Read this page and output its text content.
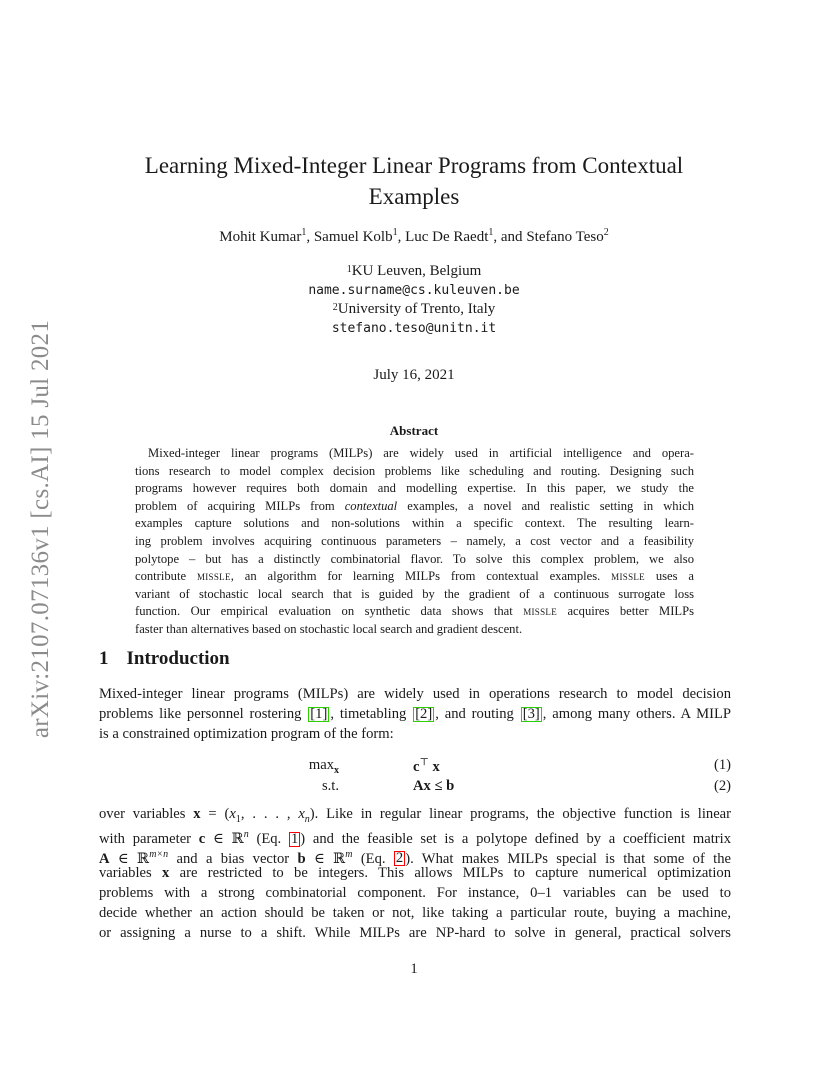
arXiv:2107.07136v1 [cs.AI] 15 Jul 2021
Learning Mixed-Integer Linear Programs from Contextual
Examples
Mohit Kumar$^1$, Samuel Kolb$^1$, Luc De Raedt$^1$, and Stefano Teso$^2$
$^1$KU Leuven, Belgium
name.surname@cs.kuleuven.be
$^2$University of Trento, Italy
stefano.teso@unitn.it
July 16, 2021
Abstract
Mixed-integer linear programs (MILPs) are widely used in artificial intelligence and opera-
tions research to model complex decision problems like scheduling and routing. Designing such
programs however requires both domain and modelling expertise. In this paper, we study the
problem of acquiring MILPs from contextual examples, a novel and realistic setting in which
examples capture solutions and non-solutions within a specific context. The resulting learn-
ing problem involves acquiring continuous parameters – namely, a cost vector and a feasibility
polytope – but has a distinctly combinatorial flavor. To solve this complex problem, we also
contribute missle, an algorithm for learning MILPs from contextual examples. missle uses a
variant of stochastic local search that is guided by the gradient of a continuous surrogate loss
function. Our empirical evaluation on synthetic data shows that missle acquires better MILPs
faster than alternatives based on stochastic local search and gradient descent.
1 Introduction
Mixed-integer linear programs (MILPs) are widely used in operations research to model decision
problems like personnel rostering [1] , timetabling [2] , and routing [3] , among many others. A MILP
is a constrained optimization program of the form:
$\max_x$	c⊤ x	(1)
s.t.	Ax ≤ b	(2)
over variables $x = (x_1$, . . . , $x_n$). Like in regular linear programs, the objective function is linear
with parameter c ∈ ℝ$^n$ (Eq. 1 ) and the feasible set is a polytope defined by a coefficient matrix
A ∈ ℝ$^{m\times n}$ and a bias vector b ∈ ℝ$^m$ (Eq. 2 ). What makes MILPs special is that some of the
variables x are restricted to be integers. This allows MILPs to capture numerical optimization
problems with a strong combinatorial component. For instance, 0–1 variables can be used to
decide whether an action should be taken or not, like taking a particular route, buying a machine,
or assigning a nurse to a shift. While MILPs are NP-hard to solve in general, practical solvers
1
